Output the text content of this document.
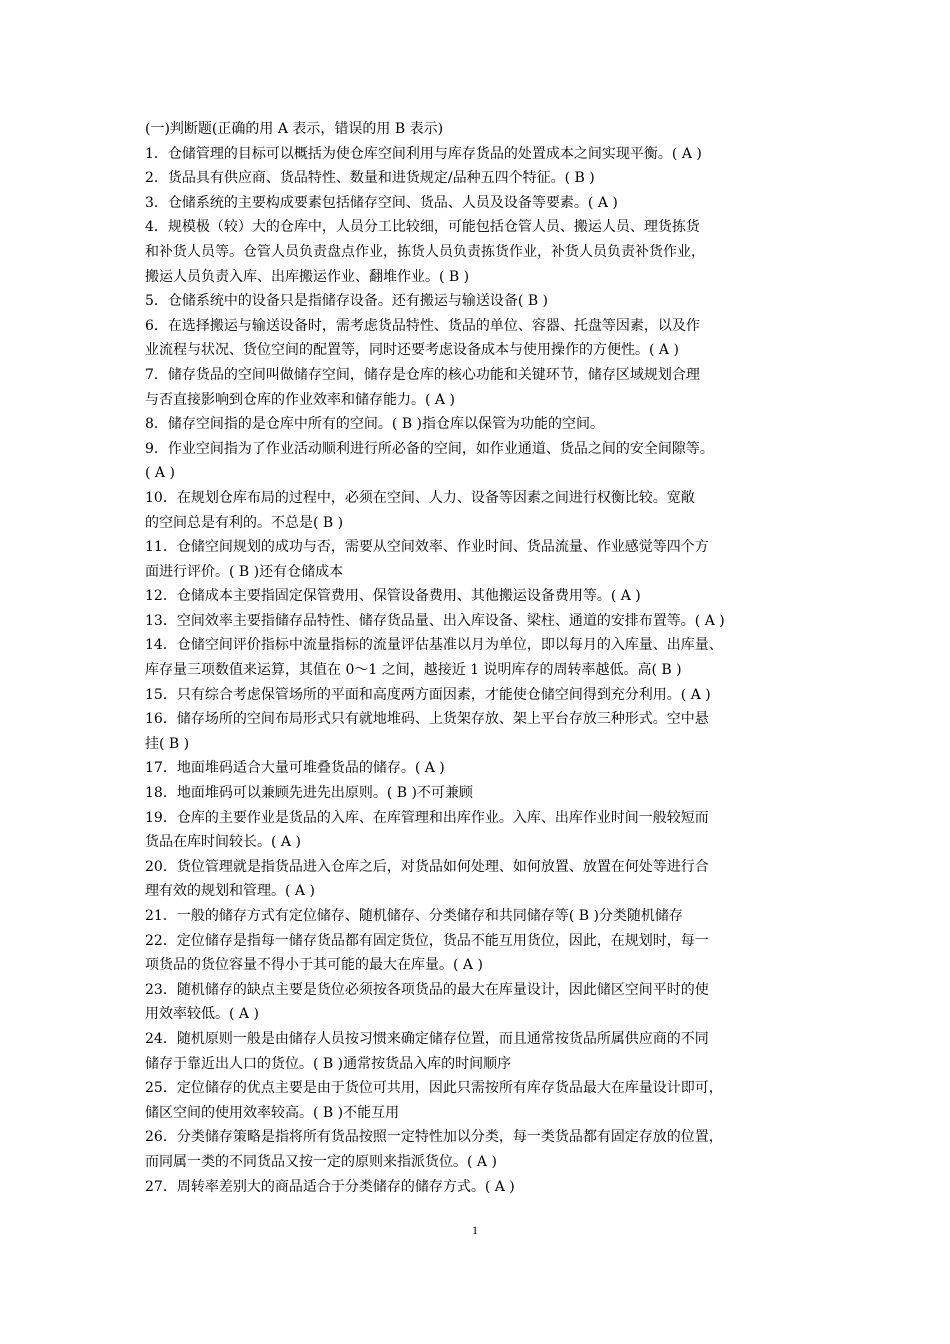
(一)判断题(正确的用 A 表示，错误的用 B 表示)
1．仓储管理的目标可以概括为使仓库空间利用与库存货品的处置成本之间实现平衡。( A )
2．货品具有供应商、货品特性、数量和进货规定/品种五四个特征。( B )
3．仓储系统的主要构成要素包括储存空间、货品、人员及设备等要素。( A )
4．规模极（较）大的仓库中，人员分工比较细，可能包括仓管人员、搬运人员、理货拣货
和补货人员等。仓管人员负责盘点作业，拣货人员负责拣货作业，补货人员负责补货作业，
搬运人员负责入库、出库搬运作业、翻堆作业。( B )
5．仓储系统中的设备只是指储存设备。还有搬运与输送设备( B )
6．在选择搬运与输送设备时，需考虑货品特性、货品的单位、容器、托盘等因素，以及作
业流程与状况、货位空间的配置等，同时还要考虑设备成本与使用操作的方便性。( A )
7．储存货品的空间叫做储存空间，储存是仓库的核心功能和关键环节，储存区域规划合理
与否直接影响到仓库的作业效率和储存能力。( A )
8．储存空间指的是仓库中所有的空间。( B )指仓库以保管为功能的空间。
9．作业空间指为了作业活动顺利进行所必备的空间，如作业通道、货品之间的安全间隙等。
( A )
10．在规划仓库布局的过程中，必须在空间、人力、设备等因素之间进行权衡比较。宽敞
的空间总是有利的。不总是( B )
11．仓储空间规划的成功与否，需要从空间效率、作业时间、货品流量、作业感觉等四个方
面进行评价。( B )还有仓储成本
12．仓储成本主要指固定保管费用、保管设备费用、其他搬运设备费用等。( A )
13．空间效率主要指储存品特性、储存货品量、出入库设备、梁柱、通道的安排布置等。( A )
14．仓储空间评价指标中流量指标的流量评估基准以月为单位，即以每月的入库量、出库量、
库存量三项数值来运算，其值在 0～1 之间，越接近 1 说明库存的周转率越低。高( B )
15．只有综合考虑保管场所的平面和高度两方面因素，才能使仓储空间得到充分利用。( A )
16．储存场所的空间布局形式只有就地堆码、上货架存放、架上平台存放三种形式。空中悬
挂( B )
17．地面堆码适合大量可堆叠货品的储存。( A )
18．地面堆码可以兼顾先进先出原则。( B )不可兼顾
19．仓库的主要作业是货品的入库、在库管理和出库作业。入库、出库作业时间一般较短而
货品在库时间较长。( A )
20．货位管理就是指货品进入仓库之后，对货品如何处理、如何放置、放置在何处等进行合
理有效的规划和管理。( A )
21．一般的储存方式有定位储存、随机储存、分类储存和共同储存等( B )分类随机储存
22．定位储存是指每一储存货品都有固定货位，货品不能互用货位，因此，在规划时，每一
项货品的货位容量不得小于其可能的最大在库量。( A )
23．随机储存的缺点主要是货位必须按各项货品的最大在库量设计，因此储区空间平时的使
用效率较低。( A )
24．随机原则一般是由储存人员按习惯来确定储存位置，而且通常按货品所属供应商的不同
储存于靠近出人口的货位。( B )通常按货品入库的时间顺序
25．定位储存的优点主要是由于货位可共用，因此只需按所有库存货品最大在库量设计即可，
储区空间的使用效率较高。( B )不能互用
26．分类储存策略是指将所有货品按照一定特性加以分类，每一类货品都有固定存放的位置，
而同属一类的不同货品又按一定的原则来指派货位。( A )
27．周转率差别大的商品适合于分类储存的储存方式。( A )
1
